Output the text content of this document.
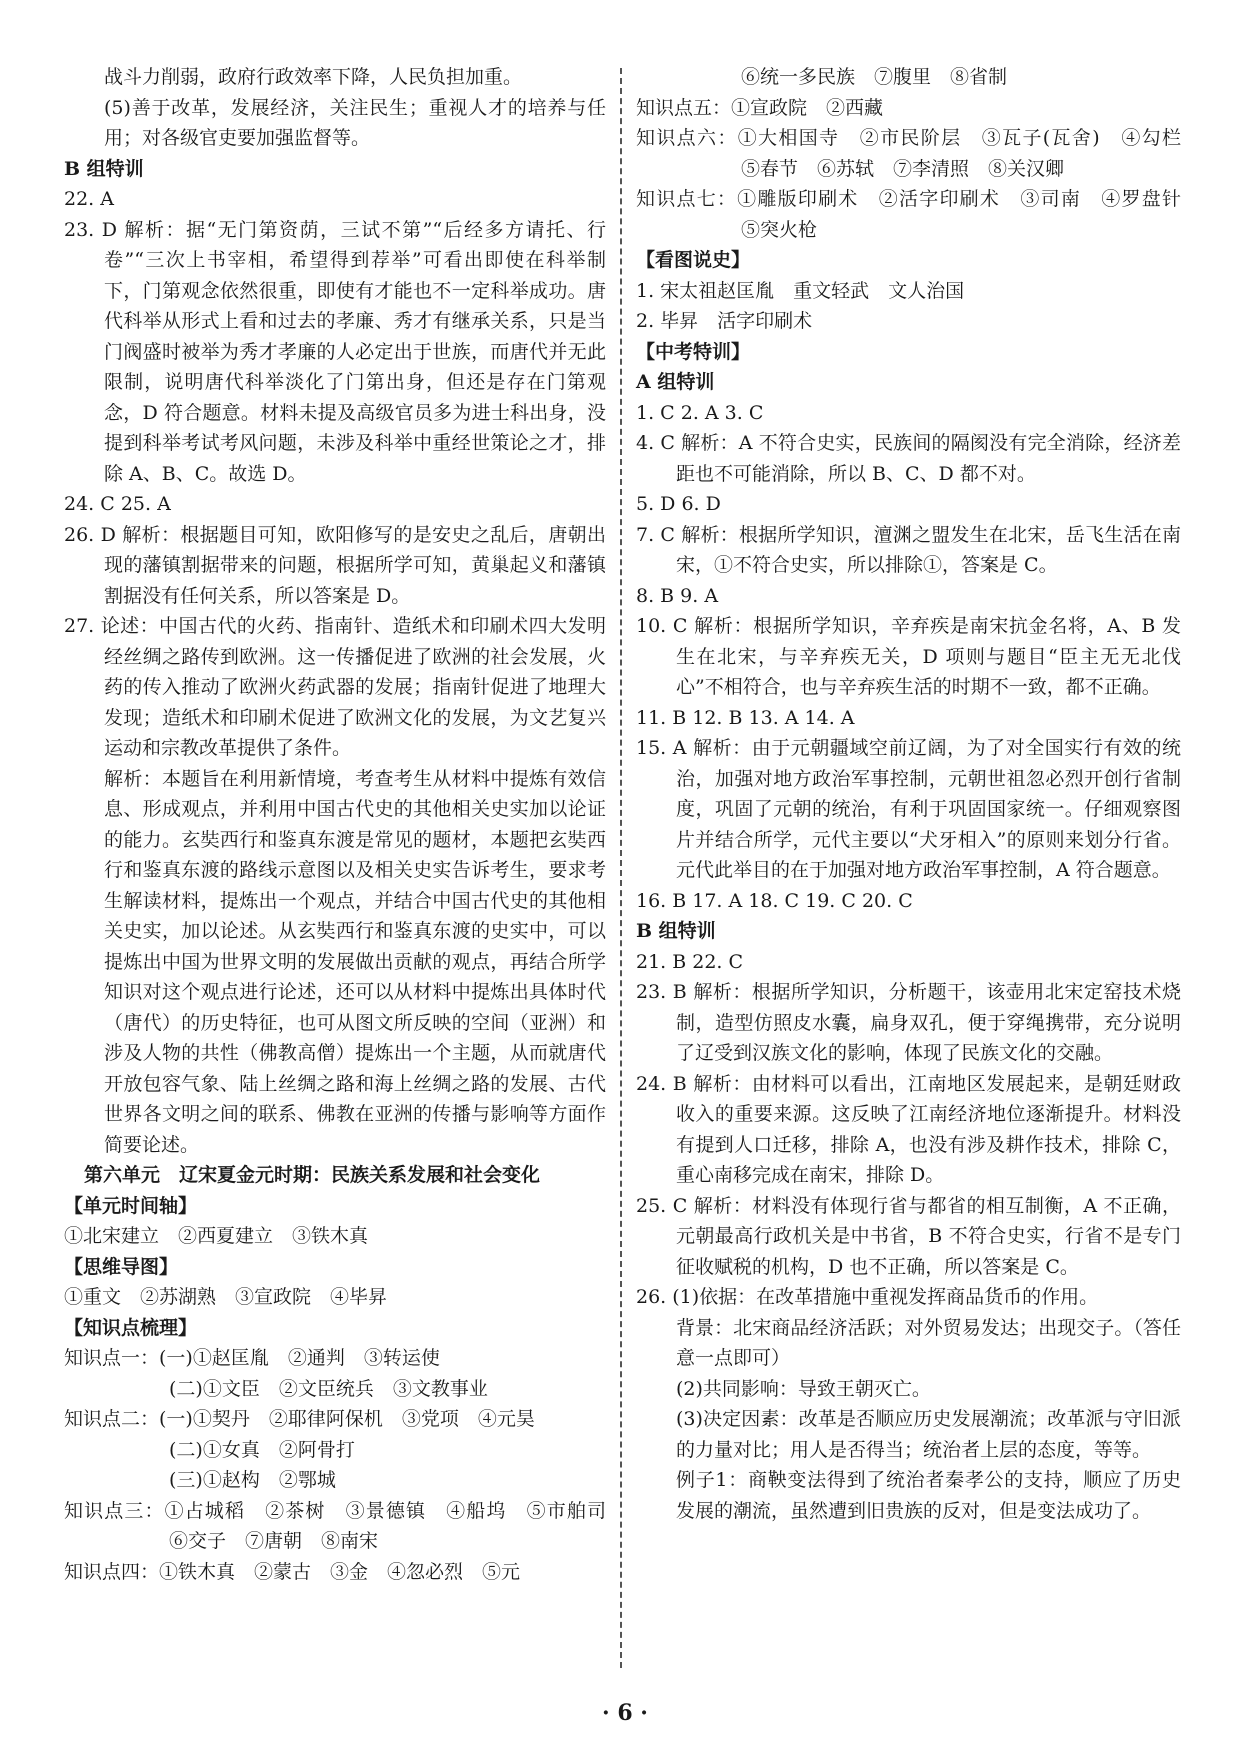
战斗力削弱，政府行政效率下降，人民负担加重。

(5)善于改革，发展经济，关注民生；重视人才的培养与任用；对各级官吏要加强监督等。

B 组特训

22. A

23. D 解析：据“无门第资荫，三试不第”“后经多方请托、行卷”“三次上书宰相，希望得到荐举”可看出即使在科举制下，门第观念依然很重，即使有才能也不一定科举成功。唐代科举从形式上看和过去的孝廉、秀才有继承关系，只是当门阀盛时被举为秀才孝廉的人必定出于世族，而唐代并无此限制，说明唐代科举淡化了门第出身，但还是存在门第观念，D 符合题意。材料未提及高级官员多为进士科出身，没提到科举考试考风问题，未涉及科举中重经世策论之才，排除 A、B、C。故选 D。

24. C 25. A

26. D 解析：根据题目可知，欧阳修写的是安史之乱后，唐朝出现的藩镇割据带来的问题，根据所学可知，黄巢起义和藩镇割据没有任何关系，所以答案是 D。

27. 论述：中国古代的火药、指南针、造纸术和印刷术四大发明经丝绸之路传到欧洲。这一传播促进了欧洲的社会发展，火药的传入推动了欧洲火药武器的发展；指南针促进了地理大发现；造纸术和印刷术促进了欧洲文化的发展，为文艺复兴运动和宗教改革提供了条件。

解析：本题旨在利用新情境，考查考生从材料中提炼有效信息、形成观点，并利用中国古代史的其他相关史实加以论证的能力。玄奘西行和鉴真东渡是常见的题材，本题把玄奘西行和鉴真东渡的路线示意图以及相关史实告诉考生，要求考生解读材料，提炼出一个观点，并结合中国古代史的其他相关史实，加以论述。从玄奘西行和鉴真东渡的史实中，可以提炼出中国为世界文明的发展做出贡献的观点，再结合所学知识对这个观点进行论述，还可以从材料中提炼出具体时代（唐代）的历史特征，也可从图文所反映的空间（亚洲）和涉及人物的共性（佛教高僧）提炼出一个主题，从而就唐代开放包容气象、陆上丝绸之路和海上丝绸之路的发展、古代世界各文明之间的联系、佛教在亚洲的传播与影响等方面作简要论述。

第六单元　辽宋夏金元时期：民族关系发展和社会变化

【单元时间轴】

①北宋建立　②西夏建立　③铁木真

【思维导图】

①重文　②苏湖熟　③宣政院　④毕昇

【知识点梳理】

知识点一：(一)①赵匡胤　②通判　③转运使

(二)①文臣　②文臣统兵　③文教事业

知识点二：(一)①契丹　②耶律阿保机　③党项　④元昊

(二)①女真　②阿骨打

(三)①赵构　②鄂城

知识点三：①占城稻　②茶树　③景德镇　④船坞　⑤市舶司　⑥交子　⑦唐朝　⑧南宋

知识点四：①铁木真　②蒙古　③金　④忽必烈　⑤元

⑥统一多民族　⑦腹里　⑧省制

知识点五：①宣政院　②西藏

知识点六：①大相国寺　②市民阶层　③瓦子(瓦舍)　④勾栏　⑤春节　⑥苏轼　⑦李清照　⑧关汉卿

知识点七：①雕版印刷术　②活字印刷术　③司南　④罗盘针　⑤突火枪

【看图说史】

1. 宋太祖赵匡胤　重文轻武　文人治国

2. 毕昇　活字印刷术

【中考特训】

A 组特训

1. C 2. A 3. C

4. C 解析：A 不符合史实，民族间的隔阂没有完全消除，经济差距也不可能消除，所以 B、C、D 都不对。

5. D 6. D

7. C 解析：根据所学知识，澶渊之盟发生在北宋，岳飞生活在南宋，①不符合史实，所以排除①，答案是 C。

8. B 9. A

10. C 解析：根据所学知识，辛弃疾是南宋抗金名将，A、B 发生在北宋，与辛弃疾无关，D 项则与题目“臣主无无北伐心”不相符合，也与辛弃疾生活的时期不一致，都不正确。

11. B 12. B 13. A 14. A

15. A 解析：由于元朝疆域空前辽阔，为了对全国实行有效的统治，加强对地方政治军事控制，元朝世祖忽必烈开创行省制度，巩固了元朝的统治，有利于巩固国家统一。仔细观察图片并结合所学，元代主要以“犬牙相入”的原则来划分行省。元代此举目的在于加强对地方政治军事控制，A 符合题意。

16. B 17. A 18. C 19. C 20. C

B 组特训

21. B 22. C

23. B 解析：根据所学知识，分析题干，该壶用北宋定窑技术烧制，造型仿照皮水囊，扁身双孔，便于穿绳携带，充分说明了辽受到汉族文化的影响，体现了民族文化的交融。

24. B 解析：由材料可以看出，江南地区发展起来，是朝廷财政收入的重要来源。这反映了江南经济地位逐渐提升。材料没有提到人口迁移，排除 A，也没有涉及耕作技术，排除 C，重心南移完成在南宋，排除 D。

25. C 解析：材料没有体现行省与都省的相互制衡，A 不正确，元朝最高行政机关是中书省，B 不符合史实，行省不是专门征收赋税的机构，D 也不正确，所以答案是 C。

26. (1)依据：在改革措施中重视发挥商品货币的作用。

背景：北宋商品经济活跃；对外贸易发达；出现交子。（答任意一点即可）

(2)共同影响：导致王朝灭亡。

(3)决定因素：改革是否顺应历史发展潮流；改革派与守旧派的力量对比；用人是否得当；统治者上层的态度，等等。

例子1：商鞅变法得到了统治者秦孝公的支持，顺应了历史发展的潮流，虽然遭到旧贵族的反对，但是变法成功了。

· 6 ·
